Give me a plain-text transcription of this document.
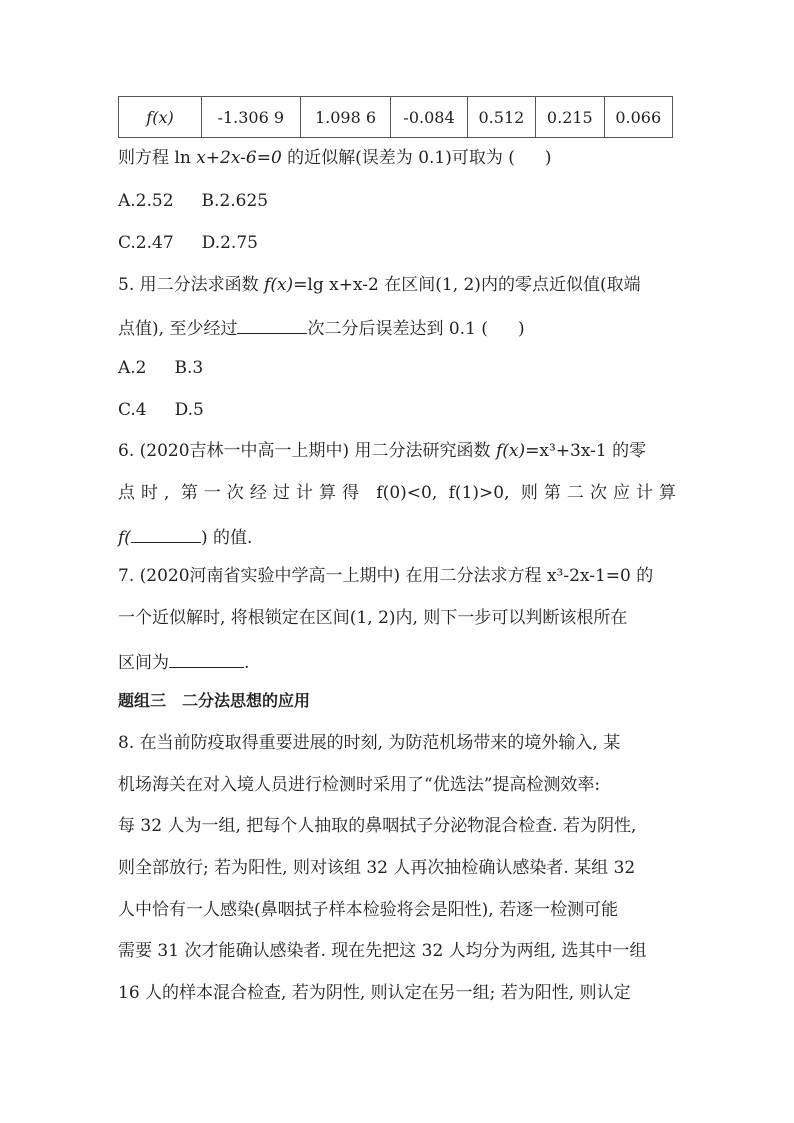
f(x)	-1.306 9	1.098 6	-0.084	0.512	0.215	0.066
则方程 ln x+2x-6=0 的近似解(误差为 0.1)可取为 ( )
A.2.52 B.2.625
C.2.47 D.2.75
5. 用二分法求函数 f(x)=lg x+x-2 在区间(1, 2)内的零点近似值(取端
点值), 至少经过	次二分后误差达到 0.1 ( )
A.2 B.3
C.4 D.5
6. (2020吉林一中高一上期中) 用二分法研究函数 f(x)=x³+3x-1 的零
点时, 第一次经过计算得 f(0)<0, f(1)>0, 则第二次应计算
f(	) 的值.
7. (2020河南省实验中学高一上期中) 在用二分法求方程 x³-2x-1=0 的
一个近似解时, 将根锁定在区间(1, 2)内, 则下一步可以判断该根所在
区间为	.
题组三 二分法思想的应用
8. 在当前防疫取得重要进展的时刻, 为防范机场带来的境外输入, 某
机场海关在对入境人员进行检测时采用了“优选法”提高检测效率:
每 32 人为一组, 把每个人抽取的鼻咽拭子分泌物混合检查. 若为阴性,
则全部放行; 若为阳性, 则对该组 32 人再次抽检确认感染者. 某组 32
人中恰有一人感染(鼻咽拭子样本检验将会是阳性), 若逐一检测可能
需要 31 次才能确认感染者. 现在先把这 32 人均分为两组, 选其中一组
16 人的样本混合检查, 若为阴性, 则认定在另一组; 若为阳性, 则认定
